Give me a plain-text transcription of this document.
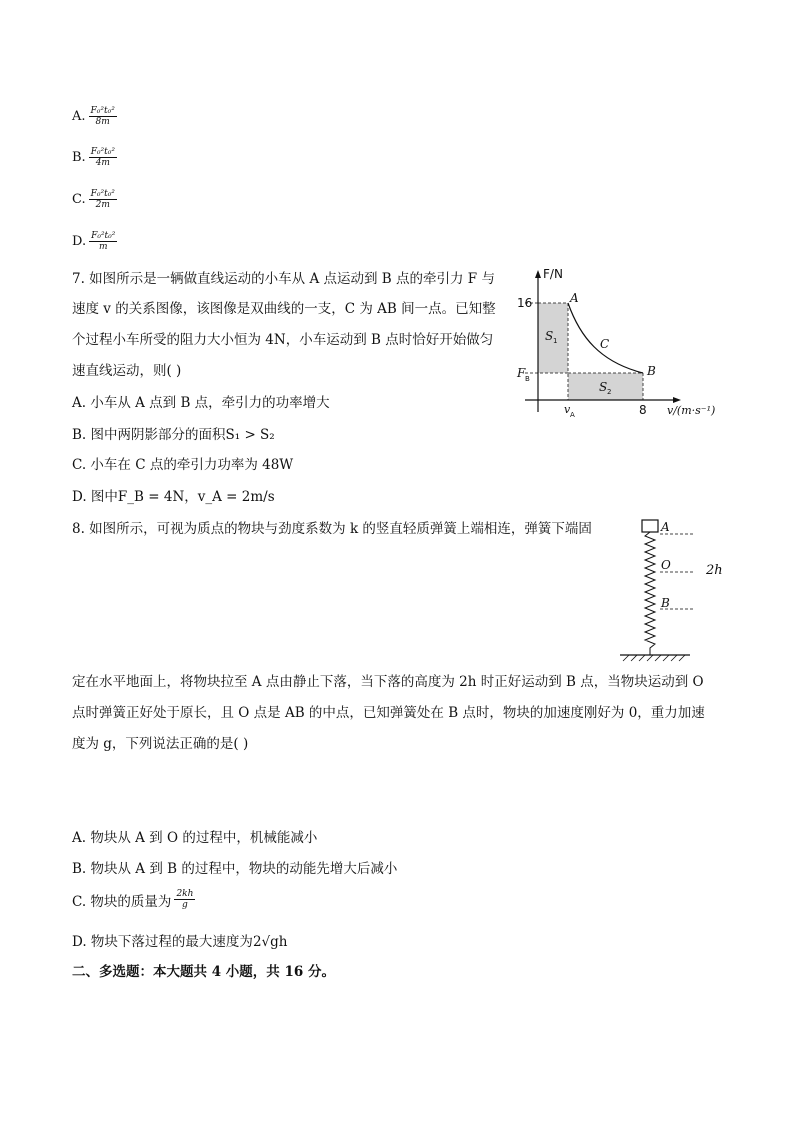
A. $\frac{\text{F₀²t₀²}}{8m}$
B. $\frac{\text{F₀²t₀²}}{4m}$
C. $\frac{\text{F₀²t₀²}}{2m}$
D. $\frac{\text{F₀²t₀²}}{m}$
7. 如图所示是一辆做直线运动的小车从 A 点运动到 B 点的牵引力 F 与
速度 v 的关系图像，该图像是双曲线的一支，C 为 AB 间一点。已知整
个过程小车所受的阻力大小恒为 4N，小车运动到 B 点时恰好开始做匀
速直线运动，则( )
A. 小车从 A 点到 B 点，牵引力的功率增大
B. 图中两阴影部分的面积S₁ > S₂
C. 小车在 C 点的牵引力功率为 48W
D. 图中F_B = 4N，v_A = 2m/s
F/N
16
F B
v A	8 v/(m·s⁻¹)
A
B
C
S 1
S 2
8. 如图所示，可视为质点的物块与劲度系数为 k 的竖直轻质弹簧上端相连，弹簧下端固	A
O
B
2h
定在水平地面上，将物块拉至 A 点由静止下落，当下落的高度为 2h 时正好运动到 B 点，当物块运动到 O
点时弹簧正好处于原长，且 O 点是 AB 的中点，已知弹簧处在 B 点时，物块的加速度刚好为 0，重力加速
度为 g，下列说法正确的是( )
A. 物块从 A 到 O 的过程中，机械能减小
B. 物块从 A 到 B 的过程中，物块的动能先增大后减小
C. 物块的质量为 $\frac{2kh}{g}$
D. 物块下落过程的最大速度为2√gh
二、多选题：本大题共 4 小题，共 16 分。
